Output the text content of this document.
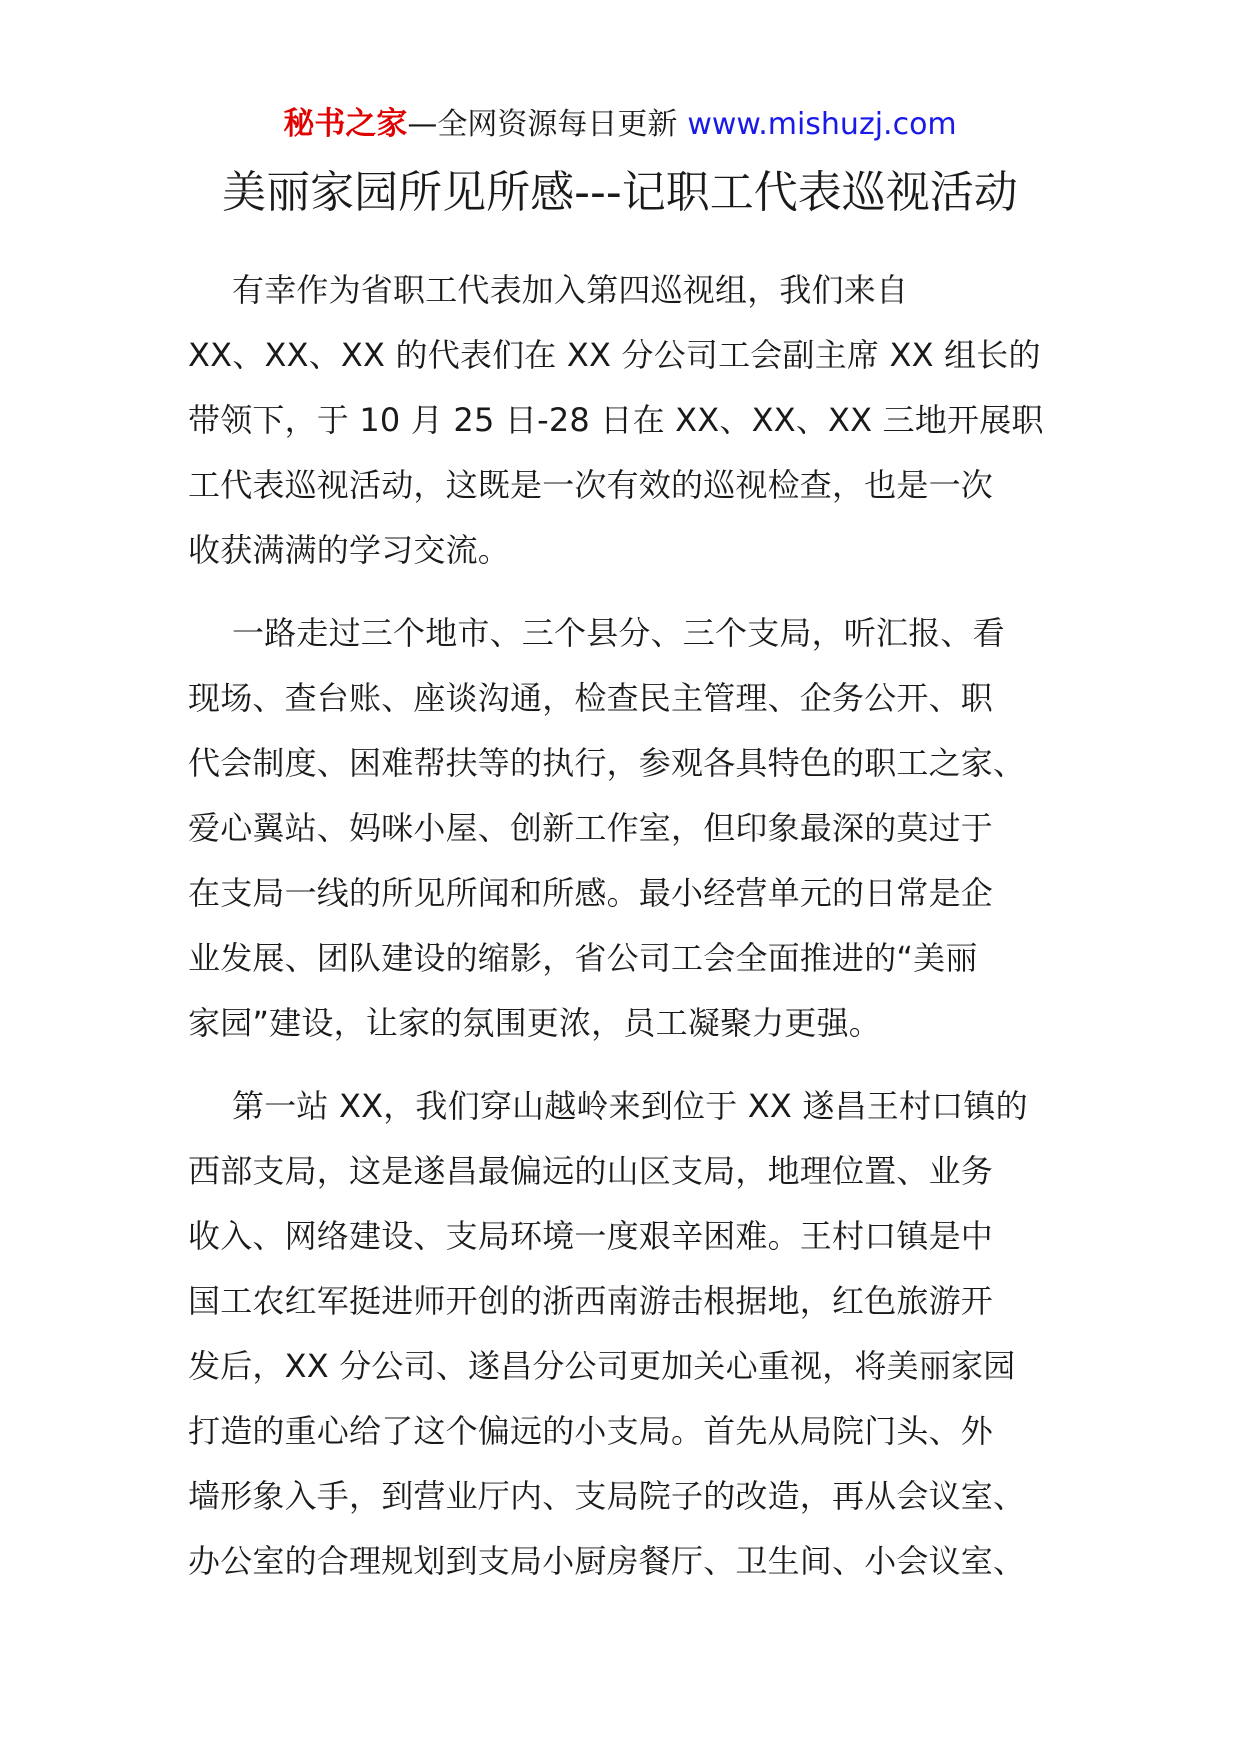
秘书之家—全网资源每日更新 www.mishuzj.com
美丽家园所见所感---记职工代表巡视活动

有幸作为省职工代表加入第四巡视组，我们来自
XX、XX、XX 的代表们在 XX 分公司工会副主席 XX 组长的
带领下，于 10 月 25 日-28 日在 XX、XX、XX 三地开展职
工代表巡视活动，这既是一次有效的巡视检查，也是一次
收获满满的学习交流。

一路走过三个地市、三个县分、三个支局，听汇报、看
现场、查台账、座谈沟通，检查民主管理、企务公开、职
代会制度、困难帮扶等的执行，参观各具特色的职工之家、
爱心翼站、妈咪小屋、创新工作室，但印象最深的莫过于
在支局一线的所见所闻和所感。最小经营单元的日常是企
业发展、团队建设的缩影，省公司工会全面推进的“美丽
家园”建设，让家的氛围更浓，员工凝聚力更强。

第一站 XX，我们穿山越岭来到位于 XX 遂昌王村口镇的
西部支局，这是遂昌最偏远的山区支局，地理位置、业务
收入、网络建设、支局环境一度艰辛困难。王村口镇是中
国工农红军挺进师开创的浙西南游击根据地，红色旅游开
发后，XX 分公司、遂昌分公司更加关心重视，将美丽家园
打造的重心给了这个偏远的小支局。首先从局院门头、外
墙形象入手，到营业厅内、支局院子的改造，再从会议室、
办公室的合理规划到支局小厨房餐厅、卫生间、小会议室、
